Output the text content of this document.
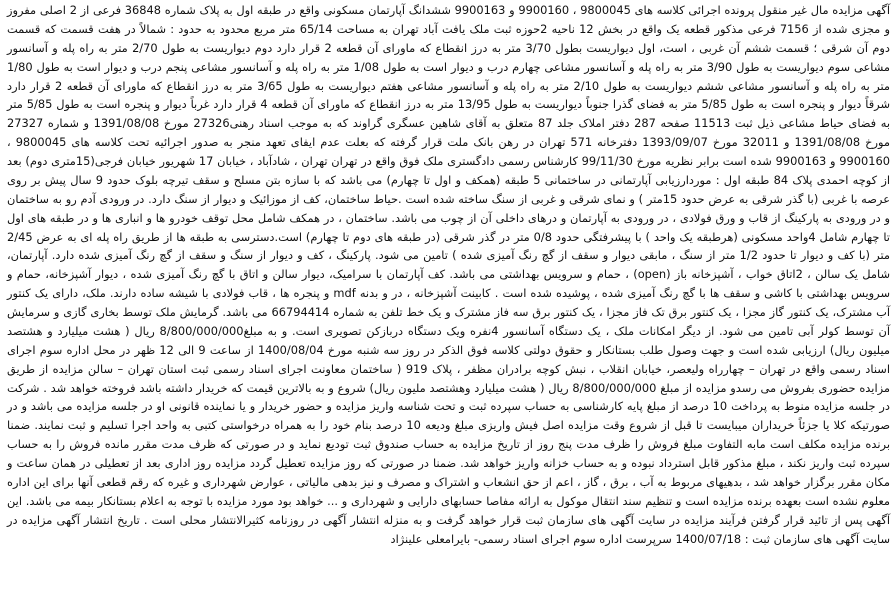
آگهی مزایده مال غیر منقول پرونده اجرائی کلاسه های 9800045 ، 9900160 و 9900163 ششدانگ آپارتمان مسکونی واقع در طبقه اول به پلاک شماره 36848 فرعی از 2 اصلی مفروز و مجزی شده از 7156 فرعی مذکور قطعه یک واقع در بخش 12 ناحیه 2حوزه ثبت ملک یافت آباد تهران به مساحت 65/14 متر مربع محدود به حدود : شمالاً در هفت قسمت که قسمت دوم آن شرقی ؛ قسمت ششم آن غربی ، است، اول دیواریست بطول 3/70 متر به درز انقطاع که ماورای آن قطعه 2 قرار دارد دوم دیواریست به طول 2/70 متر به راه پله و آسانسور مشاعی سوم دیواریست به طول 3/90 متر به راه پله و آسانسور مشاعی چهارم درب و دیوار است به طول 1/08 متر به راه پله و آسانسور مشاعی پنجم درب و دیوار است به طول 1/80 متر به راه پله و آسانسور مشاعی ششم دیواریست به طول 2/10 متر به راه پله و آسانسور مشاعی هفتم دیواریست به طول 3/65 متر به درز انقطاع که ماورای آن قطعه 2 قرار دارد شرقاً دیوار و پنجره است به طول 5/85 متر به فضای گذرا جنوباً دیواریست به طول 13/95 متر به درز انقطاع که ماورای آن قطعه 4 قرار دارد غرباً دیوار و پنجره است به طول 5/85 متر به فضای حیاط مشاعی ذیل ثبت 11513 صفحه 287 دفتر املاک جلد 87 متعلق به آقای شاهین عسگری گراوند که به موجب اسناد رهنی27326 مورخ 1391/08/08 و شماره 27327 مورخ 1391/08/08 و 32011 مورخ 1393/09/07 دفترخانه 571 تهران در رهن بانک ملت قرار گرفته که بعلت عدم ایفای تعهد منجر به صدور اجرائیه تحت کلاسه های 9800045 ، 9900160 و 9900163 شده است برابر نظریه مورخ 99/11/30 کارشناس رسمی دادگستری ملک فوق واقع در تهران تهران ، شادآباد ، خیابان 17 شهریور خیابان فرجی(15متری دوم) بعد از کوچه احمدی پلاک 84 طبقه اول : موردارزیابی آپارتمانی در ساختمانی 5 طبقه (همکف و اول تا چهارم) می باشد که با سازه بتن مسلح و سقف تیرچه بلوک حدود 9 سال پیش بر روی عرصه با غربی (با گذر شرقی به عرض حدود 15متر ) و نمای شرقی و غربی از سنگ ساخته شده است .حیاط ساختمان، کف از موزائیک و دیوار از سنگ دارد. در ورودی آدم رو به ساختمان و در ورودی به پارکینگ از قاب و ورق فولادی ، در ورودی به آپارتمان و درهای داخلی آن از چوب می باشد. ساختمان ، در همکف شامل محل توقف خودرو ها و انباری ها و در طبقه های اول تا چهارم شامل 4واحد مسکونی (هرطبقه یک واحد ) با پیشرفتگی حدود 0/8 متر در گذر شرقی (در طبقه های دوم تا چهارم) است.دسترسی به طبقه ها از طریق راه پله ای به عرض 2/45 متر (با کف و دیوار تا حدود 1/2 متر از سنگ ، مابقی دیوار و سقف از گچ رنگ آمیزی شده ) تامین می شود. پارکینگ ، کف و دیوار از سنگ و سقف از گچ رنگ آمیزی شده دارد. آپارتمان، شامل یک سالن ، 2اتاق خواب ، آشپزخانه باز (open) ، حمام و سرویس بهداشتی می باشد. کف آپارتمان با سرامیک، دیوار سالن و اتاق با گچ رنگ آمیزی شده ، دیوار آشپزخانه، حمام و سرویس بهداشتی با کاشی و سقف ها با گچ رنگ آمیزی شده ، پوشیده شده است . کابینت آشپزخانه ، در و بدنه mdf و پنجره ها ، قاب فولادی با شیشه ساده دارند. ملک، دارای یک کنتور آب مشترک، یک کنتور گاز مجزا ، یک کنتور برق تک فاز مجزا ، یک کنتور برق سه فاز مشترک و یک خط تلفن به شماره 66794414 می باشد. گرمایش ملک توسط بخاری گازی و سرمایش آن توسط کولر آبی تامین می شود. از دیگر امکانات ملک ، یک دستگاه آسانسور 4نفره ویک دستگاه دربازکن تصویری است. و به مبلغ8/800/000/000 ریال ( هشت میلیارد و هشتصد میلیون ریال) ارزیابی شده است و جهت وصول طلب بستانکار و حقوق دولتی کلاسه فوق الذکر در روز سه شنبه مورخ 1400/08/04 از ساعت 9 الی 12 ظهر در محل اداره سوم اجرای اسناد رسمی واقع در تهران – چهارراه ولیعصر، خیابان انقلاب ، نبش کوچه برادران مظفر ، پلاک 919 ( ساختمان معاونت اجرای اسناد رسمی ثبت استان تهران – سالن مزایده از طریق مزایده حضوری بفروش می رسدو مزایده از مبلغ 8/800/000/000 ریال ( هشت میلیارد وهشتصد ملیون ریال) شروع و به بالاترین قیمت که خریدار داشته باشد فروخته خواهد شد . شرکت در جلسه مزایده منوط به پرداخت 10 درصد از مبلغ پایه کارشناسی به حساب سپرده ثبت و تحت شناسه واریز مزایده و حضور خریدار و یا نماینده قانونی او در جلسه مزایده می باشد و در صورتیکه کلا یا جزئاً خریداران میبایست تا قبل از شروع وقت مزایده اصل فیش واریزی مبلغ ودیعه 10 درصد بنام خود را به همراه درخواستی کتبی به واحد اجرا تسلیم و ثبت نمایند. ضمنا برنده مزایده مکلف است مابه التفاوت مبلغ فروش را ظرف مدت پنج روز از تاریخ مزایده به حساب صندوق ثبت تودیع نماید و در صورتی که ظرف مدت مقرر مانده فروش را به حساب سپرده ثبت واریز نکند ، مبلغ مذکور قابل استرداد نبوده و به حساب خزانه واریز خواهد شد. ضمنا در صورتی که روز مزایده تعطیل گردد مزایده روز اداری بعد از تعطیلی در همان ساعت و مکان مقرر برگزار خواهد شد ، بدهیهای مربوط به آب ، برق ، گاز ، اعم از حق انشعاب و اشتراک و مصرف و نیز بدهی مالیاتی ، عوارض شهرداری و غیره که رقم قطعی آنها برای این اداره معلوم نشده است بعهده برنده مزایده است و تنظیم سند انتقال موکول به ارائه مفاصا حسابهای دارایی و شهرداری و ... خواهد بود مورد مزایده با توجه به اعلام بستانکار بیمه می باشد. این آگهی پس از تائید قرار گرفتن فرآیند مزایده در سایت آگهی های سازمان ثبت قرار خواهد گرفت و به منزله انتشار آگهی در روزنامه کثیرالانتشار محلی است . تاریخ انتشار آگهی مزایده در سایت آگهی های سازمان ثبت : 1400/07/18 سرپرست اداره سوم اجرای اسناد رسمی- بایرامعلی علینژاد
